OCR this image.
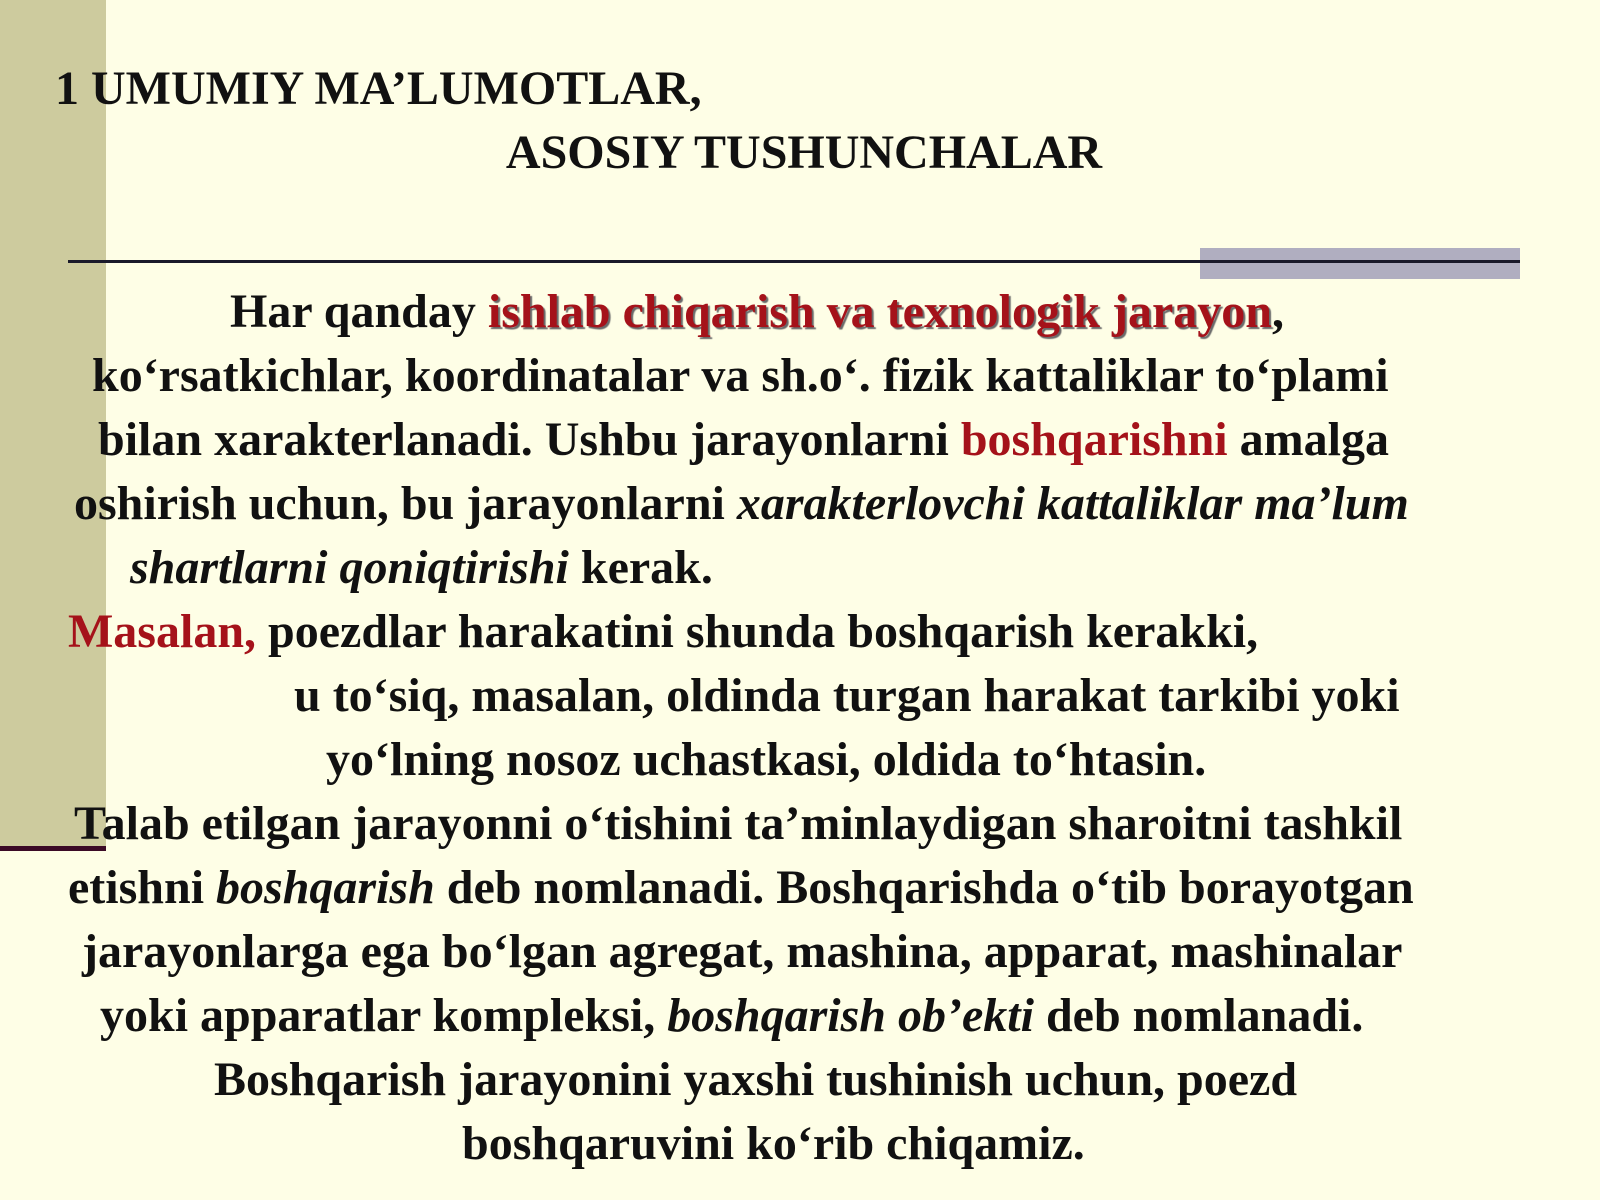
1 UMUMIY MA’LUMOTLAR,
ASOSIY TUSHUNCHALAR
Har qanday ishlab chiqarish va texnologik jarayon,
ko‘rsatkichlar, koordinatalar va sh.o‘. fizik kattaliklar to‘plami
bilan xarakterlanadi. Ushbu jarayonlarni boshqarishni amalga
oshirish uchun, bu jarayonlarni xarakterlovchi kattaliklar ma’lum
shartlarni qoniqtirishi kerak.
Masalan, poezdlar harakatini shunda boshqarish kerakki,
u to‘siq, masalan, oldinda turgan harakat tarkibi yoki
yo‘lning nosoz uchastkasi, oldida to‘htasin.
Talab etilgan jarayonni o‘tishini ta’minlaydigan sharoitni tashkil
etishni boshqarish deb nomlanadi. Boshqarishda o‘tib borayotgan
jarayonlarga ega bo‘lgan agregat, mashina, apparat, mashinalar
yoki apparatlar kompleksi, boshqarish ob’ekti deb nomlanadi.
Boshqarish jarayonini yaxshi tushinish uchun, poezd
boshqaruvini ko‘rib chiqamiz.
